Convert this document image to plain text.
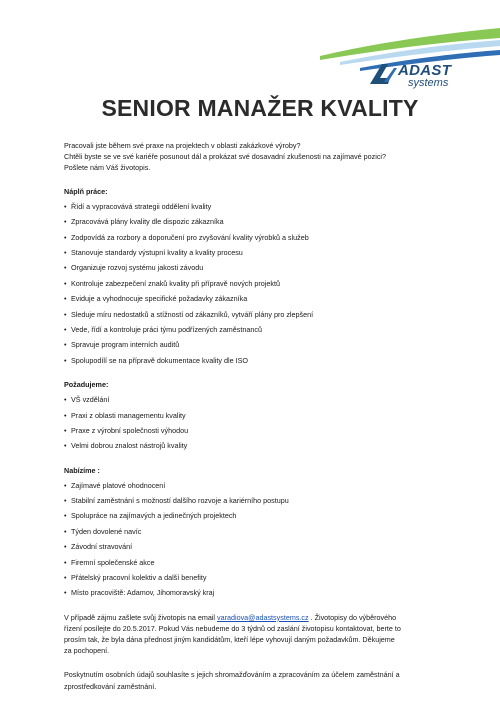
ADAST
systems
SENIOR MANAŽER KVALITY

Pracovali jste během své praxe na projektech v oblasti zakázkové výroby?

Chtěli byste se ve své kariéře posunout dál a prokázat své dosavadní zkušenosti na zajímavé pozici?

Pošlete nám Váš životopis.

Náplň práce:

• Řídí a vypracovává strategii oddělení kvality
• Zpracovává plány kvality dle dispozic zákazníka
• Zodpovídá za rozbory a doporučení pro zvyšování kvality výrobků a služeb
• Stanovuje standardy výstupní kvality a kvality procesu
• Organizuje rozvoj systému jakosti závodu
• Kontroluje zabezpečení znaků kvality při přípravě nových projektů
• Eviduje a vyhodnocuje specifické požadavky zákazníka
• Sleduje míru nedostatků a stížností od zákazníků, vytváří plány pro zlepšení
• Vede, řídí a kontroluje práci týmu podřízených zaměstnanců
• Spravuje program interních auditů
• Spolupodílí se na přípravě dokumentace kvality dle ISO

Požadujeme:

• VŠ vzdělání
• Praxi z oblasti managementu kvality
• Praxe z výrobní společnosti výhodou
• Velmi dobrou znalost nástrojů kvality

Nabízíme :

• Zajímavé platové ohodnocení
• Stabilní zaměstnání s možností dalšího rozvoje a kariérního postupu
• Spolupráce na zajímavých a jedinečných projektech
• Týden dovolené navíc
• Závodní stravování
• Firemní společenské akce
• Přátelský pracovní kolektiv a další benefity
• Místo pracoviště: Adamov, Jihomoravský kraj

V případě zájmu zašlete svůj životopis na email varadiova@adastsystems.cz . Životopisy do výběrového

řízení posílejte do 20.5.2017. Pokud Vás nebudeme do 3 týdnů od zaslání životopisu kontaktovat, berte to

prosím tak, že byla dána přednost jiným kandidátům, kteří lépe vyhovují daným požadavkům. Děkujeme

za pochopení.

Poskytnutím osobních údajů souhlasíte s jejich shromažďováním a zpracováním za účelem zaměstnání a

zprostředkování zaměstnání.
